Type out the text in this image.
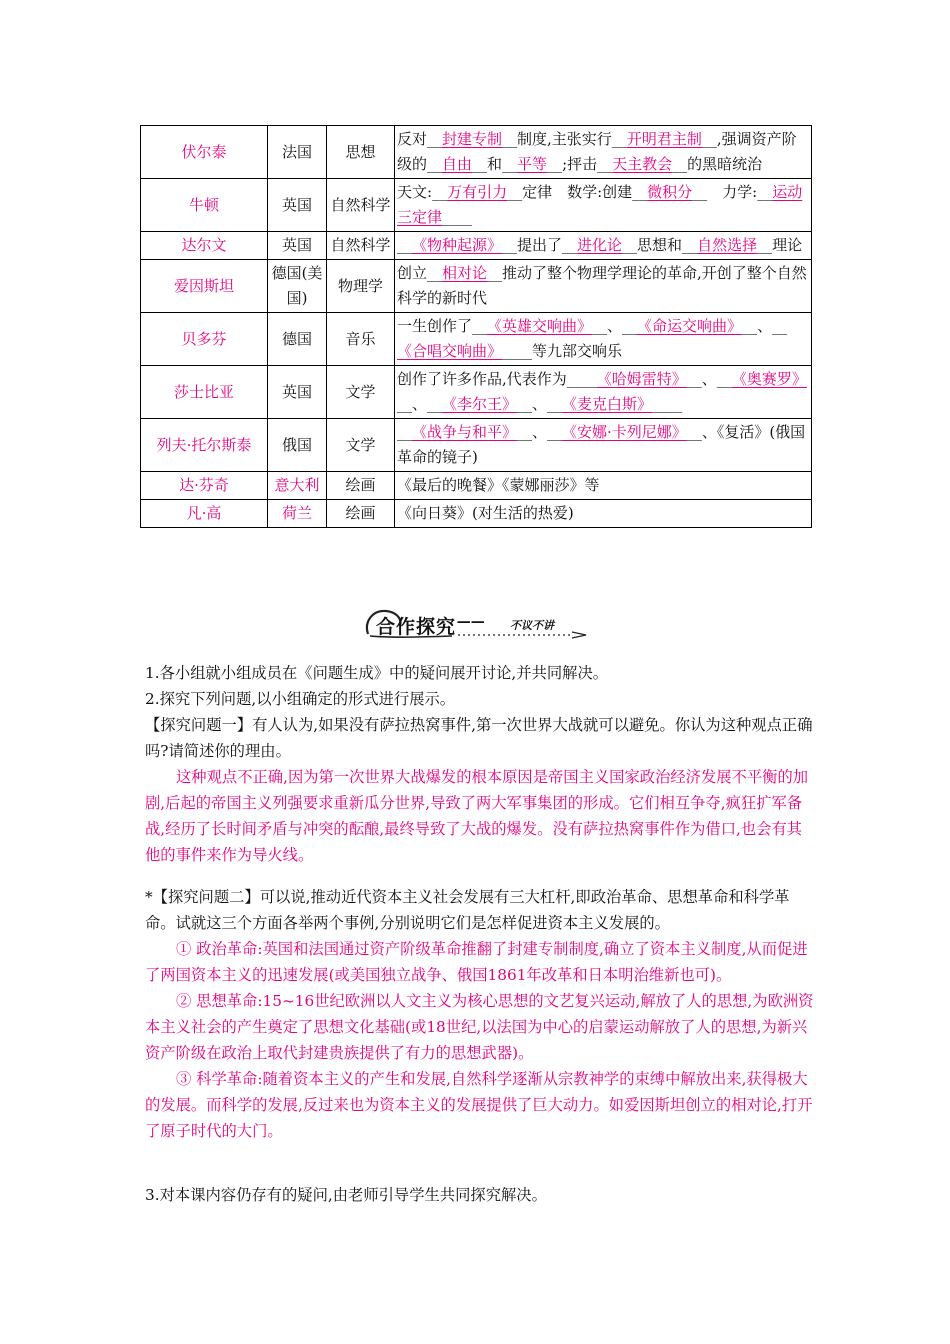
伏尔泰	法国	思想	反对__封建专制__制度,主张实行__开明君主制__,强调资产阶级的__自由__和__平等__;抨击__天主教会__的黑暗统治
牛顿	英国	自然科学	天文:__万有引力__定律　数学:创建__微积分__　力学:__运动三定律____
达尔文	英国	自然科学	__《物种起源》__提出了__进化论__思想和__自然选择__理论
爱因斯坦	德国(美国)	物理学	创立__相对论__推动了整个物理学理论的革命,开创了整个自然科学的新时代
贝多芬	德国	音乐	一生创作了__《英雄交响曲》__、__《命运交响曲》__、__《合唱交响曲》____等九部交响乐
莎士比亚	英国	文学	创作了许多作品,代表作为____《哈姆雷特》__、__《奥赛罗》__、__《李尔王》__、__《麦克白斯》____
列夫·托尔斯泰	俄国	文学	__《战争与和平》__、__《安娜·卡列尼娜》__、《复活》(俄国革命的镜子)
达·芬奇	意大利	绘画	《最后的晚餐》《蒙娜丽莎》等
凡·高	荷兰	绘画	《向日葵》(对生活的热爱)
合作探究 —— 不议不讲

1.各小组就小组成员在《问题生成》中的疑问展开讨论,并共同解决。

2.探究下列问题,以小组确定的形式进行展示。

【探究问题一】有人认为,如果没有萨拉热窝事件,第一次世界大战就可以避免。你认为这种观点正确吗?请简述你的理由。

这种观点不正确,因为第一次世界大战爆发的根本原因是帝国主义国家政治经济发展不平衡的加剧,后起的帝国主义列强要求重新瓜分世界,导致了两大军事集团的形成。它们相互争夺,疯狂扩军备战,经历了长时间矛盾与冲突的酝酿,最终导致了大战的爆发。没有萨拉热窝事件作为借口,也会有其他的事件来作为导火线。

*【探究问题二】可以说,推动近代资本主义社会发展有三大杠杆,即政治革命、思想革命和科学革命。试就这三个方面各举两个事例,分别说明它们是怎样促进资本主义发展的。

① 政治革命:英国和法国通过资产阶级革命推翻了封建专制制度,确立了资本主义制度,从而促进了两国资本主义的迅速发展(或美国独立战争、俄国1861年改革和日本明治维新也可)。

② 思想革命:15~16世纪欧洲以人文主义为核心思想的文艺复兴运动,解放了人的思想,为欧洲资本主义社会的产生奠定了思想文化基础(或18世纪,以法国为中心的启蒙运动解放了人的思想,为新兴资产阶级在政治上取代封建贵族提供了有力的思想武器)。

③ 科学革命:随着资本主义的产生和发展,自然科学逐渐从宗教神学的束缚中解放出来,获得极大的发展。而科学的发展,反过来也为资本主义的发展提供了巨大动力。如爱因斯坦创立的相对论,打开了原子时代的大门。

3.对本课内容仍存有的疑问,由老师引导学生共同探究解决。
